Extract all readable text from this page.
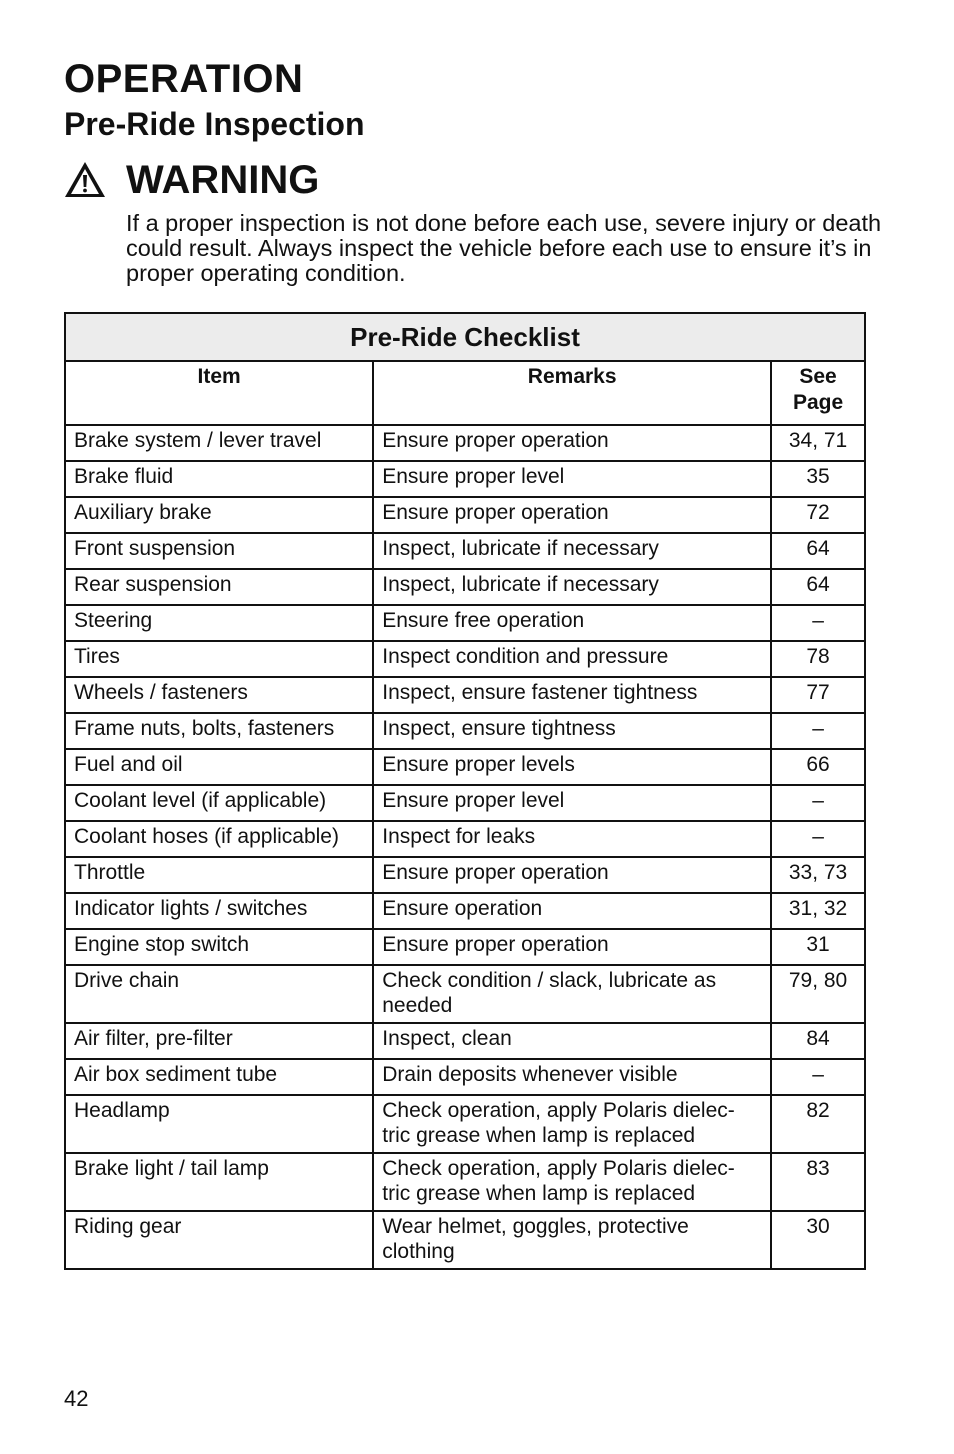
OPERATION
Pre-Ride Inspection
WARNING

If a proper inspection is not done before each use, severe injury or death could result. Always inspect the vehicle before each use to ensure it’s in proper operating condition.

Pre-Ride Checklist		
Item	Remarks	See
Page
Brake system / lever travel	Ensure proper operation	34, 71
Brake fluid	Ensure proper level	35
Auxiliary brake	Ensure proper operation	72
Front suspension	Inspect, lubricate if necessary	64
Rear suspension	Inspect, lubricate if necessary	64
Steering	Ensure free operation	–
Tires	Inspect condition and pressure	78
Wheels / fasteners	Inspect, ensure fastener tightness	77
Frame nuts, bolts, fasteners	Inspect, ensure tightness	–
Fuel and oil	Ensure proper levels	66
Coolant level (if applicable)	Ensure proper level	–
Coolant hoses (if applicable)	Inspect for leaks	–
Throttle	Ensure proper operation	33, 73
Indicator lights / switches	Ensure operation	31, 32
Engine stop switch	Ensure proper operation	31
Drive chain	Check condition / slack, lubricate as needed	79, 80
Air filter, pre-filter	Inspect, clean	84
Air box sediment tube	Drain deposits whenever visible	–
Headlamp	Check operation, apply Polaris dielec- tric grease when lamp is replaced	82
Brake light / tail lamp	Check operation, apply Polaris dielec- tric grease when lamp is replaced	83
Riding gear	Wear helmet, goggles, protective clothing	30

42
